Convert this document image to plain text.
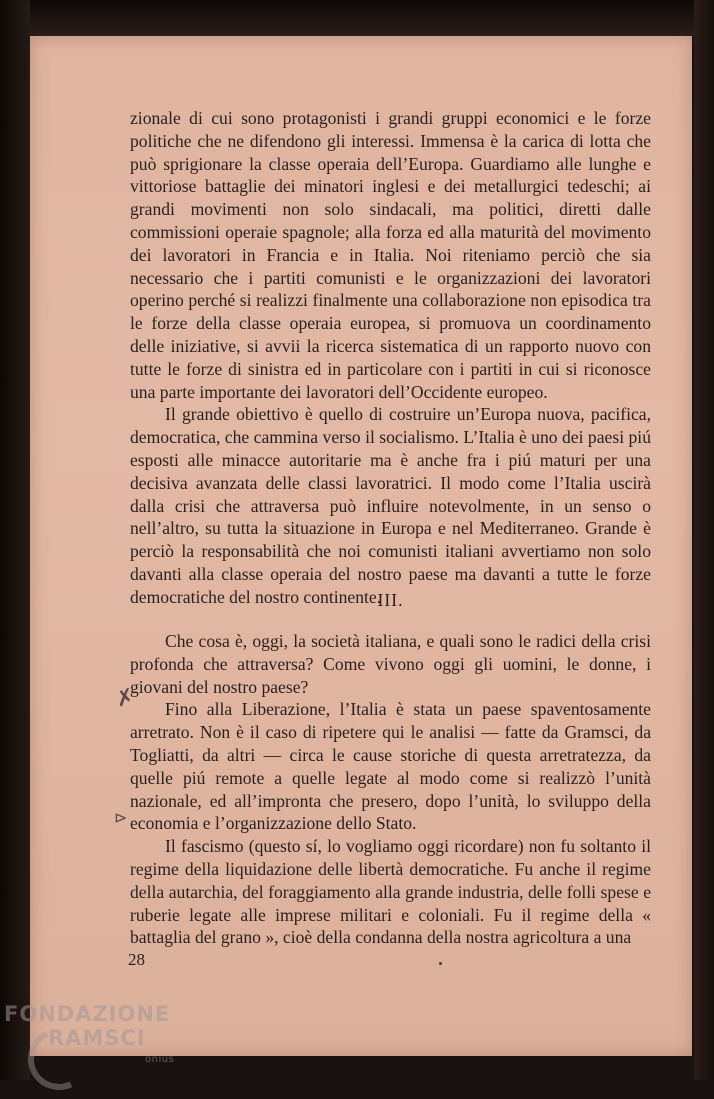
zionale di cui sono protagonisti i grandi gruppi economici e le forze politiche che ne difendono gli interessi. Immensa è la carica di lotta che può sprigionare la classe operaia dell’Europa. Guardiamo alle lunghe e vittoriose battaglie dei minatori inglesi e dei metallurgici tedeschi; ai grandi movimenti non solo sindacali, ma politici, diretti dalle commissioni operaie spagnole; alla forza ed alla maturità del movimento dei lavoratori in Francia e in Italia. Noi riteniamo perciò che sia necessario che i partiti comunisti e le organizzazioni dei lavoratori operino perché si realizzi finalmente una collaborazione non episodica tra le forze della classe operaia europea, si promuova un coordinamento delle iniziative, si avvii la ricerca sistematica di un rapporto nuovo con tutte le forze di sinistra ed in particolare con i partiti in cui si riconosce una parte importante dei lavoratori dell’Occidente europeo.

Il grande obiettivo è quello di costruire un’Europa nuova, pacifica, democratica, che cammina verso il socialismo. L’Italia è uno dei paesi piú esposti alle minacce autoritarie ma è anche fra i piú maturi per una decisiva avanzata delle classi lavoratrici. Il modo come l’Italia uscirà dalla crisi che attraversa può influire notevolmente, in un senso o nell’altro, su tutta la situazione in Europa e nel Mediterraneo. Grande è perciò la responsabilità che noi comunisti italiani avvertiamo non solo davanti alla classe operaia del nostro paese ma davanti a tutte le forze democratiche del nostro continente.

III.

Che cosa è, oggi, la società italiana, e quali sono le radici della crisi profonda che attraversa? Come vivono oggi gli uomini, le donne, i giovani del nostro paese?

Fino alla Liberazione, l’Italia è stata un paese spaventosamente arretrato. Non è il caso di ripetere qui le analisi — fatte da Gramsci, da Togliatti, da altri — circa le cause storiche di questa arretratezza, da quelle piú remote a quelle legate al modo come si realizzò l’unità nazionale, ed all’impronta che presero, dopo l’unità, lo sviluppo della economia e l’organizzazione dello Stato.

Il fascismo (questo sí, lo vogliamo oggi ricordare) non fu soltanto il regime della liquidazione delle libertà democratiche. Fu anche il regime della autarchia, del foraggiamento alla grande industria, delle folli spese e ruberie legate alle imprese militari e coloniali. Fu il regime della « battaglia del grano », cioè della condanna della nostra agricoltura a una

✗
⊳
28
FONDAZIONE
RAMSCI
onlus
